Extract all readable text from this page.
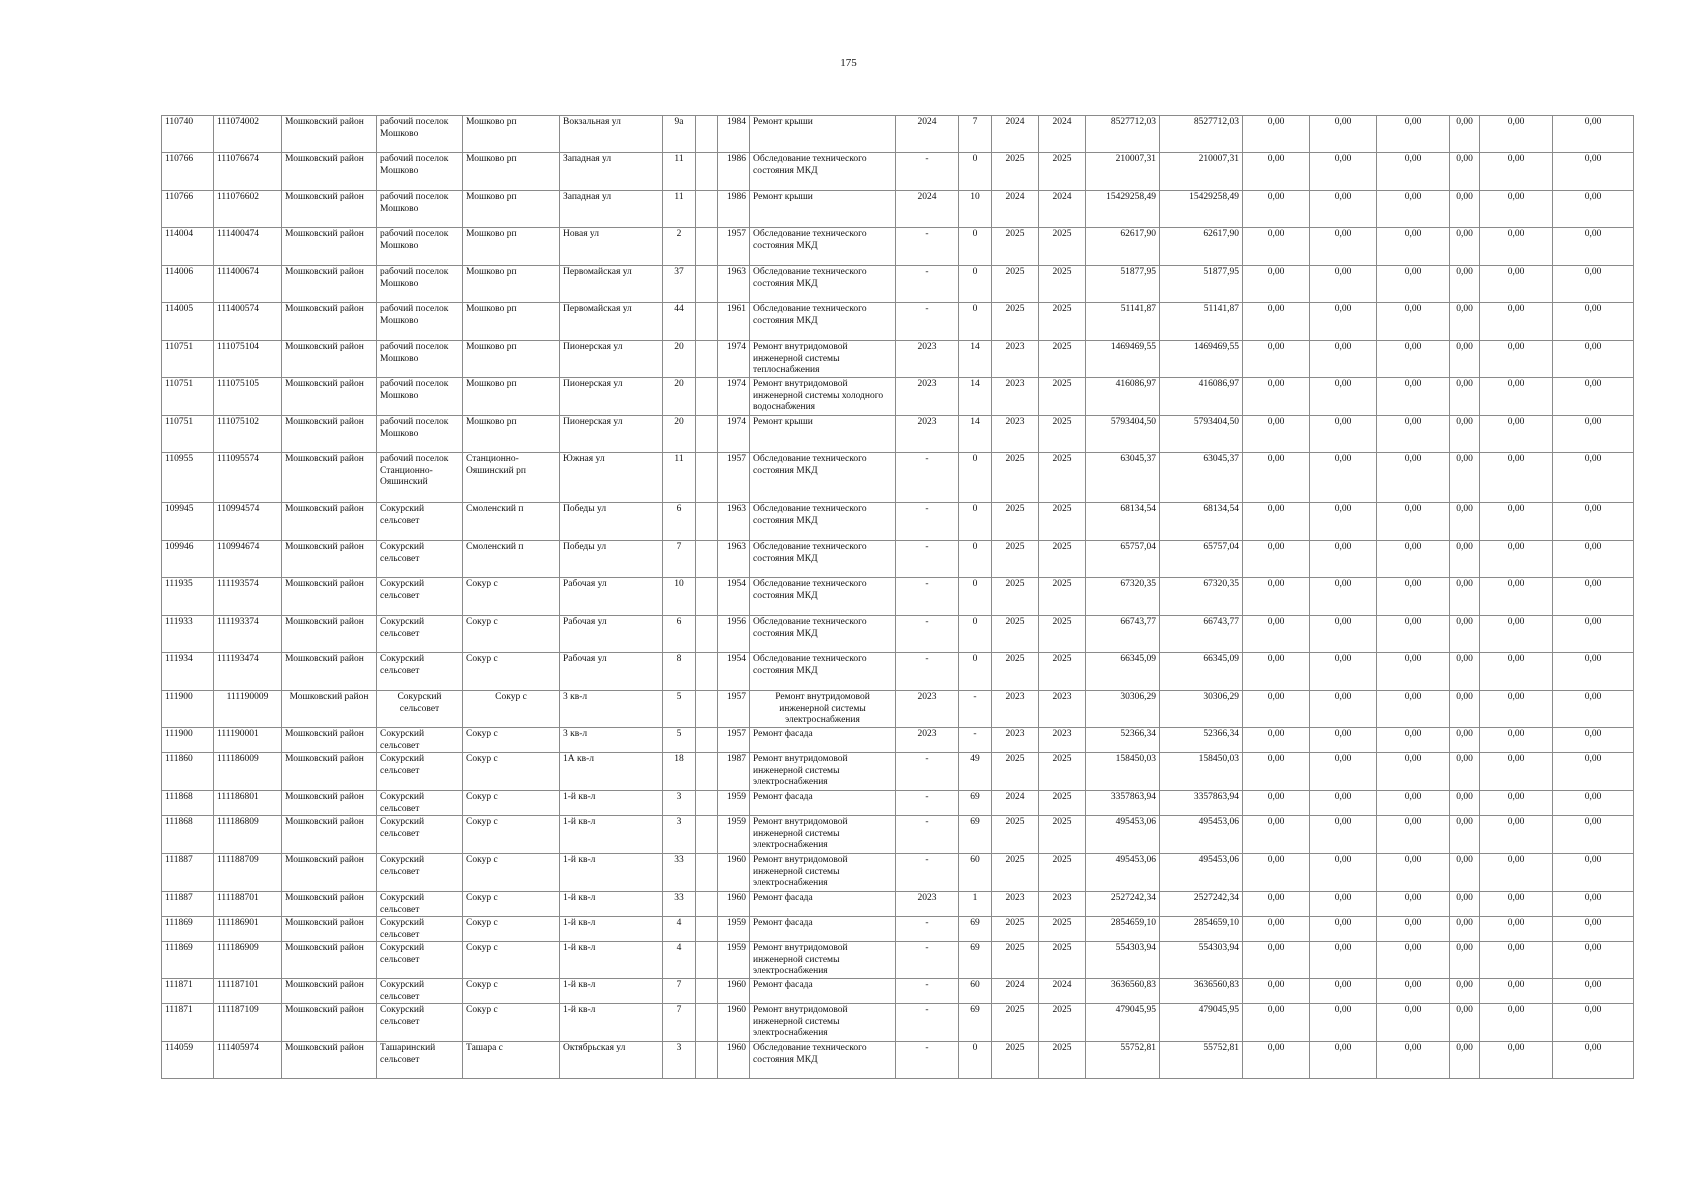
175
110740	111074002	Мошковский район	рабочий поселок Мошково	Мошково рп	Вокзальная ул	9а		1984	Ремонт крыши	2024	7	2024	2024	8527712,03	8527712,03	0,00	0,00	0,00	0,00	0,00	0,00
110766	111076674	Мошковский район	рабочий поселок Мошково	Мошково рп	Западная ул	11		1986	Обследование технического состояния МКД	-	0	2025	2025	210007,31	210007,31	0,00	0,00	0,00	0,00	0,00	0,00
110766	111076602	Мошковский район	рабочий поселок Мошково	Мошково рп	Западная ул	11		1986	Ремонт крыши	2024	10	2024	2024	15429258,49	15429258,49	0,00	0,00	0,00	0,00	0,00	0,00
114004	111400474	Мошковский район	рабочий поселок Мошково	Мошково рп	Новая ул	2		1957	Обследование технического состояния МКД	-	0	2025	2025	62617,90	62617,90	0,00	0,00	0,00	0,00	0,00	0,00
114006	111400674	Мошковский район	рабочий поселок Мошково	Мошково рп	Первомайская ул	37		1963	Обследование технического состояния МКД	-	0	2025	2025	51877,95	51877,95	0,00	0,00	0,00	0,00	0,00	0,00
114005	111400574	Мошковский район	рабочий поселок Мошково	Мошково рп	Первомайская ул	44		1961	Обследование технического состояния МКД	-	0	2025	2025	51141,87	51141,87	0,00	0,00	0,00	0,00	0,00	0,00
110751	111075104	Мошковский район	рабочий поселок Мошково	Мошково рп	Пионерская ул	20		1974	Ремонт внутридомовой инженерной системы теплоснабжения	2023	14	2023	2025	1469469,55	1469469,55	0,00	0,00	0,00	0,00	0,00	0,00
110751	111075105	Мошковский район	рабочий поселок Мошково	Мошково рп	Пионерская ул	20		1974	Ремонт внутридомовой инженерной системы холодного водоснабжения	2023	14	2023	2025	416086,97	416086,97	0,00	0,00	0,00	0,00	0,00	0,00
110751	111075102	Мошковский район	рабочий поселок Мошково	Мошково рп	Пионерская ул	20		1974	Ремонт крыши	2023	14	2023	2025	5793404,50	5793404,50	0,00	0,00	0,00	0,00	0,00	0,00
110955	111095574	Мошковский район	рабочий поселок Станционно-Ояшинский	Станционно-Ояшинский рп	Южная ул	11		1957	Обследование технического состояния МКД	-	0	2025	2025	63045,37	63045,37	0,00	0,00	0,00	0,00	0,00	0,00
109945	110994574	Мошковский район	Сокурский сельсовет	Смоленский п	Победы ул	6		1963	Обследование технического состояния МКД	-	0	2025	2025	68134,54	68134,54	0,00	0,00	0,00	0,00	0,00	0,00
109946	110994674	Мошковский район	Сокурский сельсовет	Смоленский п	Победы ул	7		1963	Обследование технического состояния МКД	-	0	2025	2025	65757,04	65757,04	0,00	0,00	0,00	0,00	0,00	0,00
111935	111193574	Мошковский район	Сокурский сельсовет	Сокур с	Рабочая ул	10		1954	Обследование технического состояния МКД	-	0	2025	2025	67320,35	67320,35	0,00	0,00	0,00	0,00	0,00	0,00
111933	111193374	Мошковский район	Сокурский сельсовет	Сокур с	Рабочая ул	6		1956	Обследование технического состояния МКД	-	0	2025	2025	66743,77	66743,77	0,00	0,00	0,00	0,00	0,00	0,00
111934	111193474	Мошковский район	Сокурский сельсовет	Сокур с	Рабочая ул	8		1954	Обследование технического состояния МКД	-	0	2025	2025	66345,09	66345,09	0,00	0,00	0,00	0,00	0,00	0,00
111900	111190009	Мошковский район	Сокурский сельсовет	Сокур с	3 кв-л	5		1957	Ремонт внутридомовой инженерной системы электроснабжения	2023	-	2023	2023	30306,29	30306,29	0,00	0,00	0,00	0,00	0,00	0,00
111900	111190001	Мошковский район	Сокурский сельсовет	Сокур с	3 кв-л	5		1957	Ремонт фасада	2023	-	2023	2023	52366,34	52366,34	0,00	0,00	0,00	0,00	0,00	0,00
111860	111186009	Мошковский район	Сокурский сельсовет	Сокур с	1А кв-л	18		1987	Ремонт внутридомовой инженерной системы электроснабжения	-	49	2025	2025	158450,03	158450,03	0,00	0,00	0,00	0,00	0,00	0,00
111868	111186801	Мошковский район	Сокурский сельсовет	Сокур с	1-й кв-л	3		1959	Ремонт фасада	-	69	2024	2025	3357863,94	3357863,94	0,00	0,00	0,00	0,00	0,00	0,00
111868	111186809	Мошковский район	Сокурский сельсовет	Сокур с	1-й кв-л	3		1959	Ремонт внутридомовой инженерной системы электроснабжения	-	69	2025	2025	495453,06	495453,06	0,00	0,00	0,00	0,00	0,00	0,00
111887	111188709	Мошковский район	Сокурский сельсовет	Сокур с	1-й кв-л	33		1960	Ремонт внутридомовой инженерной системы электроснабжения	-	60	2025	2025	495453,06	495453,06	0,00	0,00	0,00	0,00	0,00	0,00
111887	111188701	Мошковский район	Сокурский сельсовет	Сокур с	1-й кв-л	33		1960	Ремонт фасада	2023	1	2023	2023	2527242,34	2527242,34	0,00	0,00	0,00	0,00	0,00	0,00
111869	111186901	Мошковский район	Сокурский сельсовет	Сокур с	1-й кв-л	4		1959	Ремонт фасада	-	69	2025	2025	2854659,10	2854659,10	0,00	0,00	0,00	0,00	0,00	0,00
111869	111186909	Мошковский район	Сокурский сельсовет	Сокур с	1-й кв-л	4		1959	Ремонт внутридомовой инженерной системы электроснабжения	-	69	2025	2025	554303,94	554303,94	0,00	0,00	0,00	0,00	0,00	0,00
111871	111187101	Мошковский район	Сокурский сельсовет	Сокур с	1-й кв-л	7		1960	Ремонт фасада	-	60	2024	2024	3636560,83	3636560,83	0,00	0,00	0,00	0,00	0,00	0,00
111871	111187109	Мошковский район	Сокурский сельсовет	Сокур с	1-й кв-л	7		1960	Ремонт внутридомовой инженерной системы электроснабжения	-	69	2025	2025	479045,95	479045,95	0,00	0,00	0,00	0,00	0,00	0,00
114059	111405974	Мошковский район	Ташаринский сельсовет	Ташара с	Октябрьская ул	3		1960	Обследование технического состояния МКД	-	0	2025	2025	55752,81	55752,81	0,00	0,00	0,00	0,00	0,00	0,00
